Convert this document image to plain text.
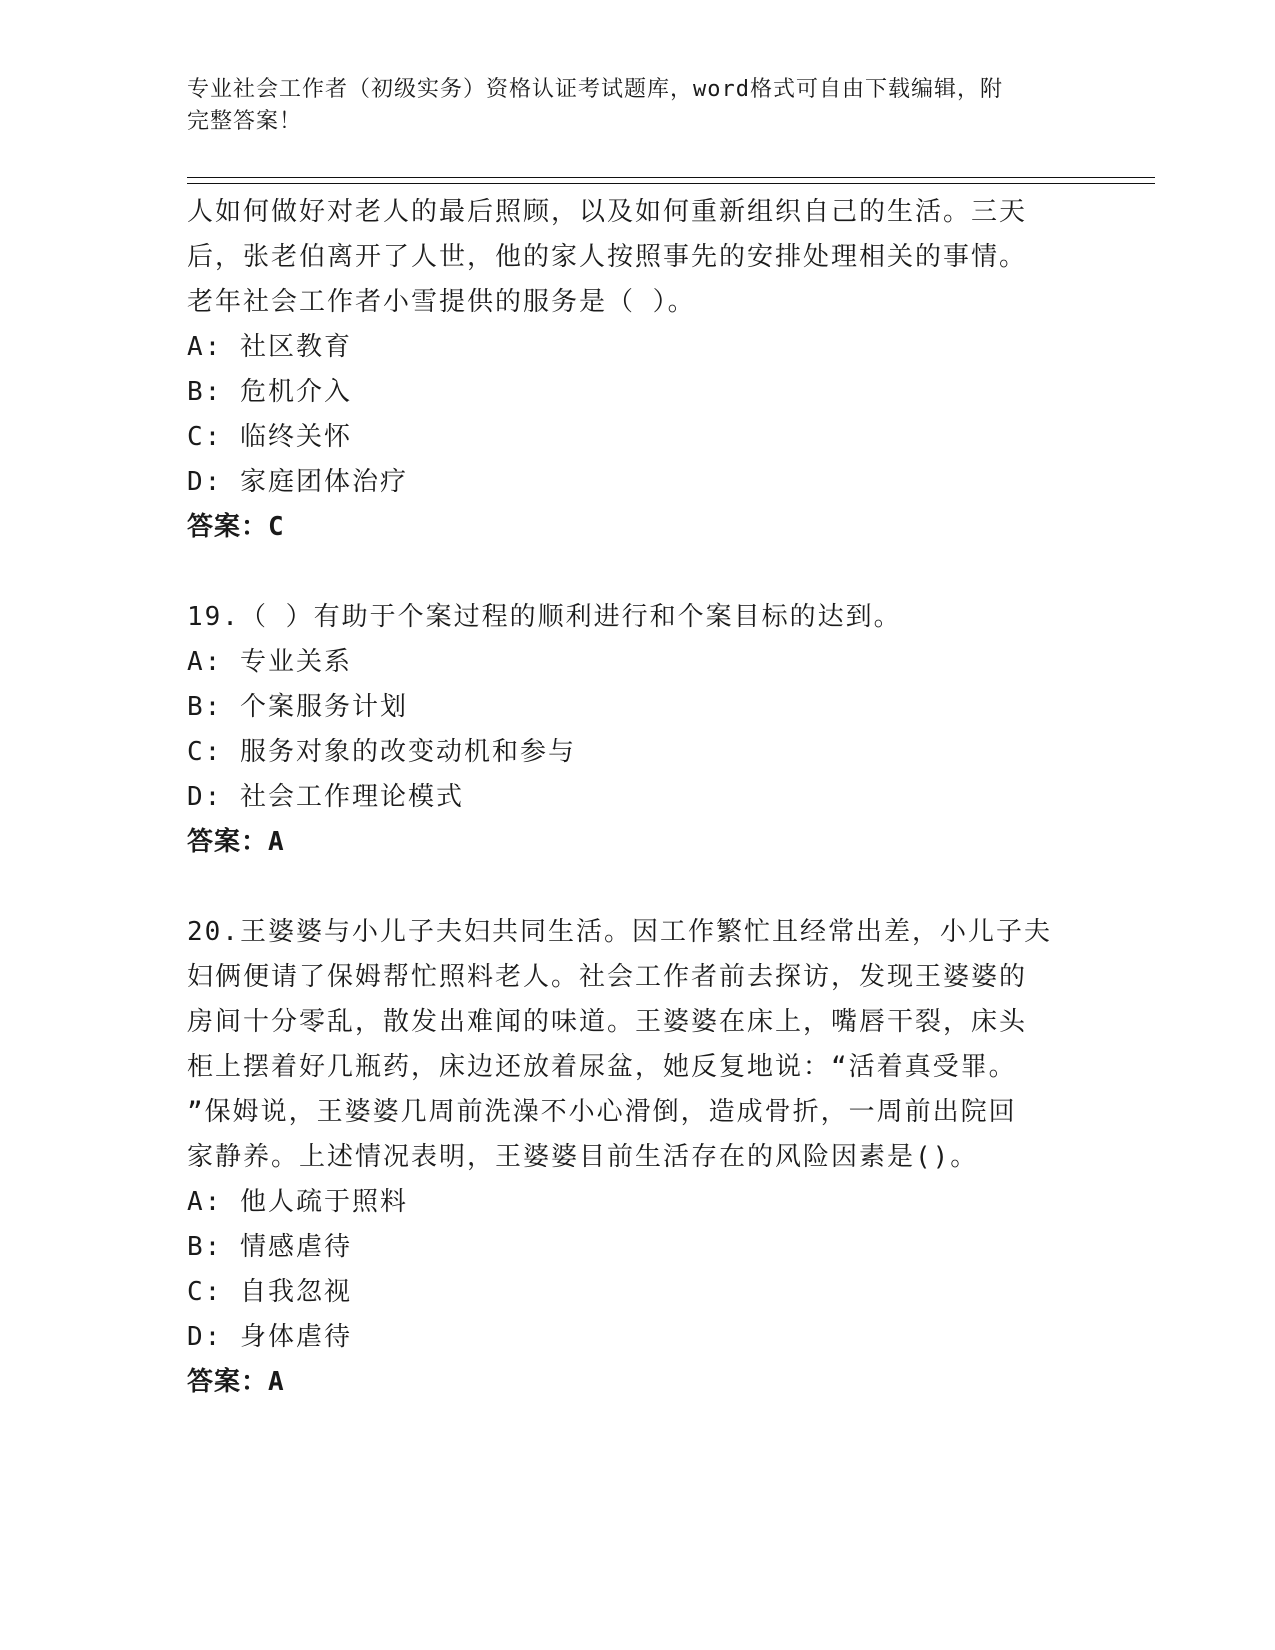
专业社会工作者（初级实务）资格认证考试题库，word格式可自由下载编辑，附
完整答案！
人如何做好对老人的最后照顾，以及如何重新组织自己的生活。三天
后，张老伯离开了人世，他的家人按照事先的安排处理相关的事情。
老年社会工作者小雪提供的服务是（ ）。
A: 社区教育
B: 危机介入
C: 临终关怀
D: 家庭团体治疗
答案：C
19.（ ）有助于个案过程的顺利进行和个案目标的达到。
A: 专业关系
B: 个案服务计划
C: 服务对象的改变动机和参与
D: 社会工作理论模式
答案：A
20.王婆婆与小儿子夫妇共同生活。因工作繁忙且经常出差，小儿子夫
妇俩便请了保姆帮忙照料老人。社会工作者前去探访，发现王婆婆的
房间十分零乱，散发出难闻的味道。王婆婆在床上，嘴唇干裂，床头
柜上摆着好几瓶药，床边还放着尿盆，她反复地说：“活着真受罪。
”保姆说，王婆婆几周前洗澡不小心滑倒，造成骨折，一周前出院回
家静养。上述情况表明，王婆婆目前生活存在的风险因素是()。
A: 他人疏于照料
B: 情感虐待
C: 自我忽视
D: 身体虐待
答案：A
